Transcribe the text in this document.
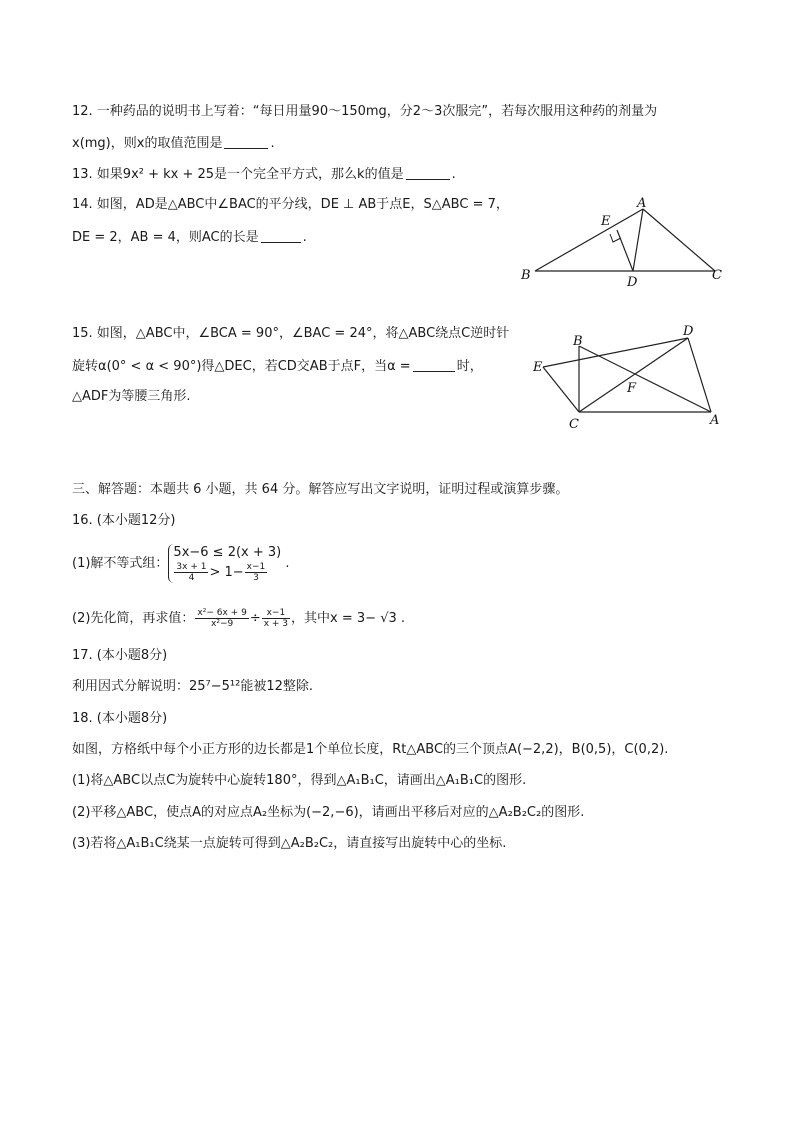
12. 一种药品的说明书上写着：“每日用量90～150mg，分2～3次服完”，若每次服用这种药的剂量为
x(mg)，则x的取值范围是	.
13. 如果9x² + kx + 25是一个完全平方式，那么k的值是	.
14. 如图，AD是△ABC中∠BAC的平分线，DE ⊥ AB于点E，S△ABC = 7，
DE = 2，AB = 4，则AC的长是	.
A
B	C
D
E
15. 如图，△ABC中，∠BCA = 90°，∠BAC = 24°，将△ABC绕点C逆时针
旋转α(0° < α < 90°)得△DEC，若CD交AB于点F，当α =	时，
△ADF为等腰三角形.
B
D
E
F
C	A
三、解答题：本题共 6 小题，共 64 分。解答应写出文字说明，证明过程或演算步骤。
16. (本小题12分)
(1)解不等式组：
5x−6 ≤ 2(x + 3)
$\frac{3x + 1}{4} > 1- \frac{x-1}{3}$ .
(2)先化简，再求值： $\frac{\text{x²− 6x + 9}}{\text{x²−9}} \div \frac{x-1}{x + 3}$ ，其中x = 3− √3 .
17. (本小题8分)
利用因式分解说明：25⁷−5¹²能被12整除.
18. (本小题8分)
如图，方格纸中每个小正方形的边长都是1个单位长度，Rt△ABC的三个顶点A(−2,2)，B(0,5)，C(0,2).
(1)将△ABC以点C为旋转中心旋转180°，得到△A₁B₁C，请画出△A₁B₁C的图形.
(2)平移△ABC，使点A的对应点A₂坐标为(−2,−6)，请画出平移后对应的△A₂B₂C₂的图形.
(3)若将△A₁B₁C绕某一点旋转可得到△A₂B₂C₂，请直接写出旋转中心的坐标.
